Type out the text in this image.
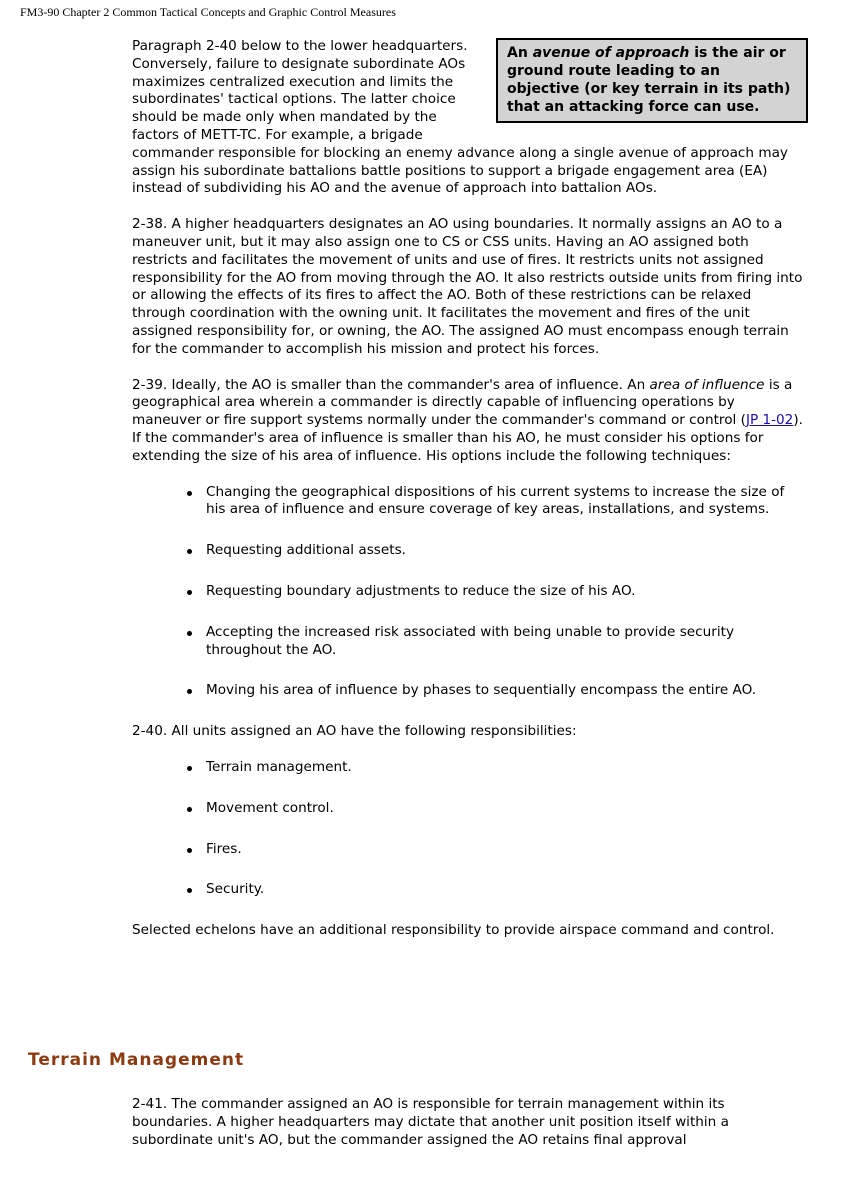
FM3-90 Chapter 2 Common Tactical Concepts and Graphic Control Measures
An avenue of approach is the air or ground route leading to an objective (or key terrain in its path) that an attacking force can use.

Paragraph 2-40 below to the lower headquarters. Conversely, failure to designate subordinate AOs maximizes centralized execution and limits the subordinates' tactical options. The latter choice should be made only when mandated by the factors of METT-TC. For example, a brigade commander responsible for blocking an enemy advance along a single avenue of approach may assign his subordinate battalions battle positions to support a brigade engagement area (EA) instead of subdividing his AO and the avenue of approach into battalion AOs.

2-38. A higher headquarters designates an AO using boundaries. It normally assigns an AO to a maneuver unit, but it may also assign one to CS or CSS units. Having an AO assigned both restricts and facilitates the movement of units and use of fires. It restricts units not assigned responsibility for the AO from moving through the AO. It also restricts outside units from firing into or allowing the effects of its fires to affect the AO. Both of these restrictions can be relaxed through coordination with the owning unit. It facilitates the movement and fires of the unit assigned responsibility for, or owning, the AO. The assigned AO must encompass enough terrain for the commander to accomplish his mission and protect his forces.

2-39. Ideally, the AO is smaller than the commander's area of influence. An area of influence is a geographical area wherein a commander is directly capable of influencing operations by maneuver or fire support systems normally under the commander's command or control (JP 1-02). If the commander's area of influence is smaller than his AO, he must consider his options for extending the size of his area of influence. His options include the following techniques:

Changing the geographical dispositions of his current systems to increase the size of his area of influence and ensure coverage of key areas, installations, and systems.
Requesting additional assets.
Requesting boundary adjustments to reduce the size of his AO.
Accepting the increased risk associated with being unable to provide security throughout the AO.
Moving his area of influence by phases to sequentially encompass the entire AO.

2-40. All units assigned an AO have the following responsibilities:

Terrain management.
Movement control.
Fires.
Security.

Selected echelons have an additional responsibility to provide airspace command and control.

Terrain Management
2-41. The commander assigned an AO is responsible for terrain management within its boundaries. A higher headquarters may dictate that another unit position itself within a subordinate unit's AO, but the commander assigned the AO retains final approval
